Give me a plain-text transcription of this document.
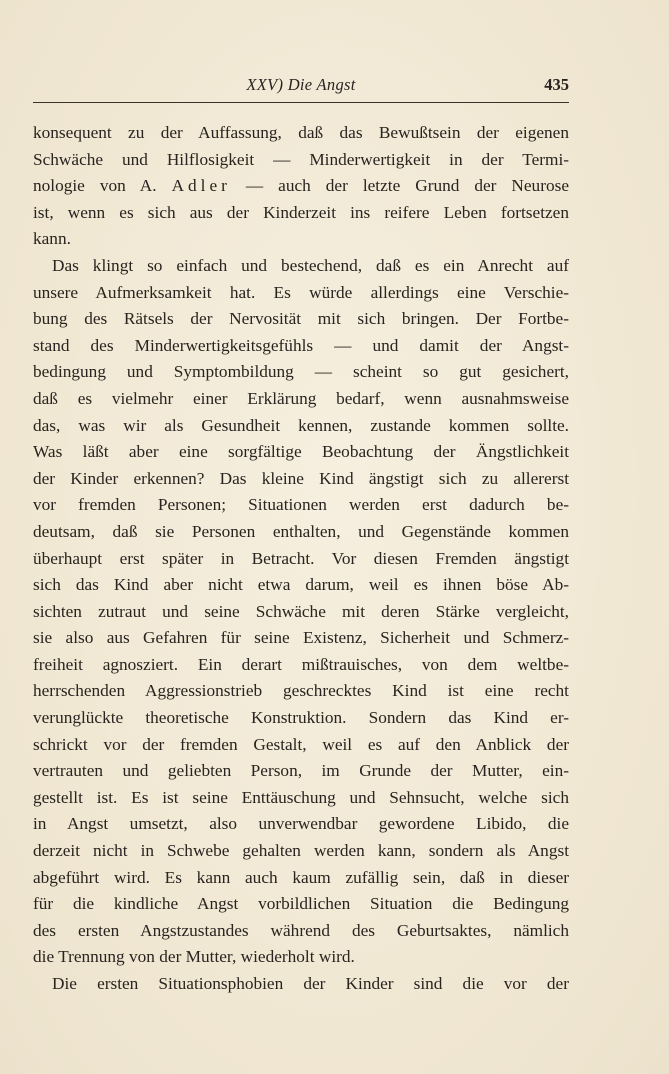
XXV) Die Angst	435
konsequent zu der Auffassung, daß das Bewußtsein der eigenen
Schwäche und Hilflosigkeit — Minderwertigkeit in der Termi-
nologie von A. Adler — auch der letzte Grund der Neurose
ist, wenn es sich aus der Kinderzeit ins reifere Leben fortsetzen
kann.
Das klingt so einfach und bestechend, daß es ein Anrecht auf
unsere Aufmerksamkeit hat. Es würde allerdings eine Verschie-
bung des Rätsels der Nervosität mit sich bringen. Der Fortbe-
stand des Minderwertigkeitsgefühls — und damit der Angst-
bedingung und Symptombildung — scheint so gut gesichert,
daß es vielmehr einer Erklärung bedarf, wenn ausnahmsweise
das, was wir als Gesundheit kennen, zustande kommen sollte.
Was läßt aber eine sorgfältige Beobachtung der Ängstlichkeit
der Kinder erkennen? Das kleine Kind ängstigt sich zu allererst
vor fremden Personen; Situationen werden erst dadurch be-
deutsam, daß sie Personen enthalten, und Gegenstände kommen
überhaupt erst später in Betracht. Vor diesen Fremden ängstigt
sich das Kind aber nicht etwa darum, weil es ihnen böse Ab-
sichten zutraut und seine Schwäche mit deren Stärke vergleicht,
sie also aus Gefahren für seine Existenz, Sicherheit und Schmerz-
freiheit agnosziert. Ein derart mißtrauisches, von dem weltbe-
herrschenden Aggressionstrieb geschrecktes Kind ist eine recht
verunglückte theoretische Konstruktion. Sondern das Kind er-
schrickt vor der fremden Gestalt, weil es auf den Anblick der
vertrauten und geliebten Person, im Grunde der Mutter, ein-
gestellt ist. Es ist seine Enttäuschung und Sehnsucht, welche sich
in Angst umsetzt, also unverwendbar gewordene Libido, die
derzeit nicht in Schwebe gehalten werden kann, sondern als Angst
abgeführt wird. Es kann auch kaum zufällig sein, daß in dieser
für die kindliche Angst vorbildlichen Situation die Bedingung
des ersten Angstzustandes während des Geburtsaktes, nämlich
die Trennung von der Mutter, wiederholt wird.
Die ersten Situationsphobien der Kinder sind die vor der
